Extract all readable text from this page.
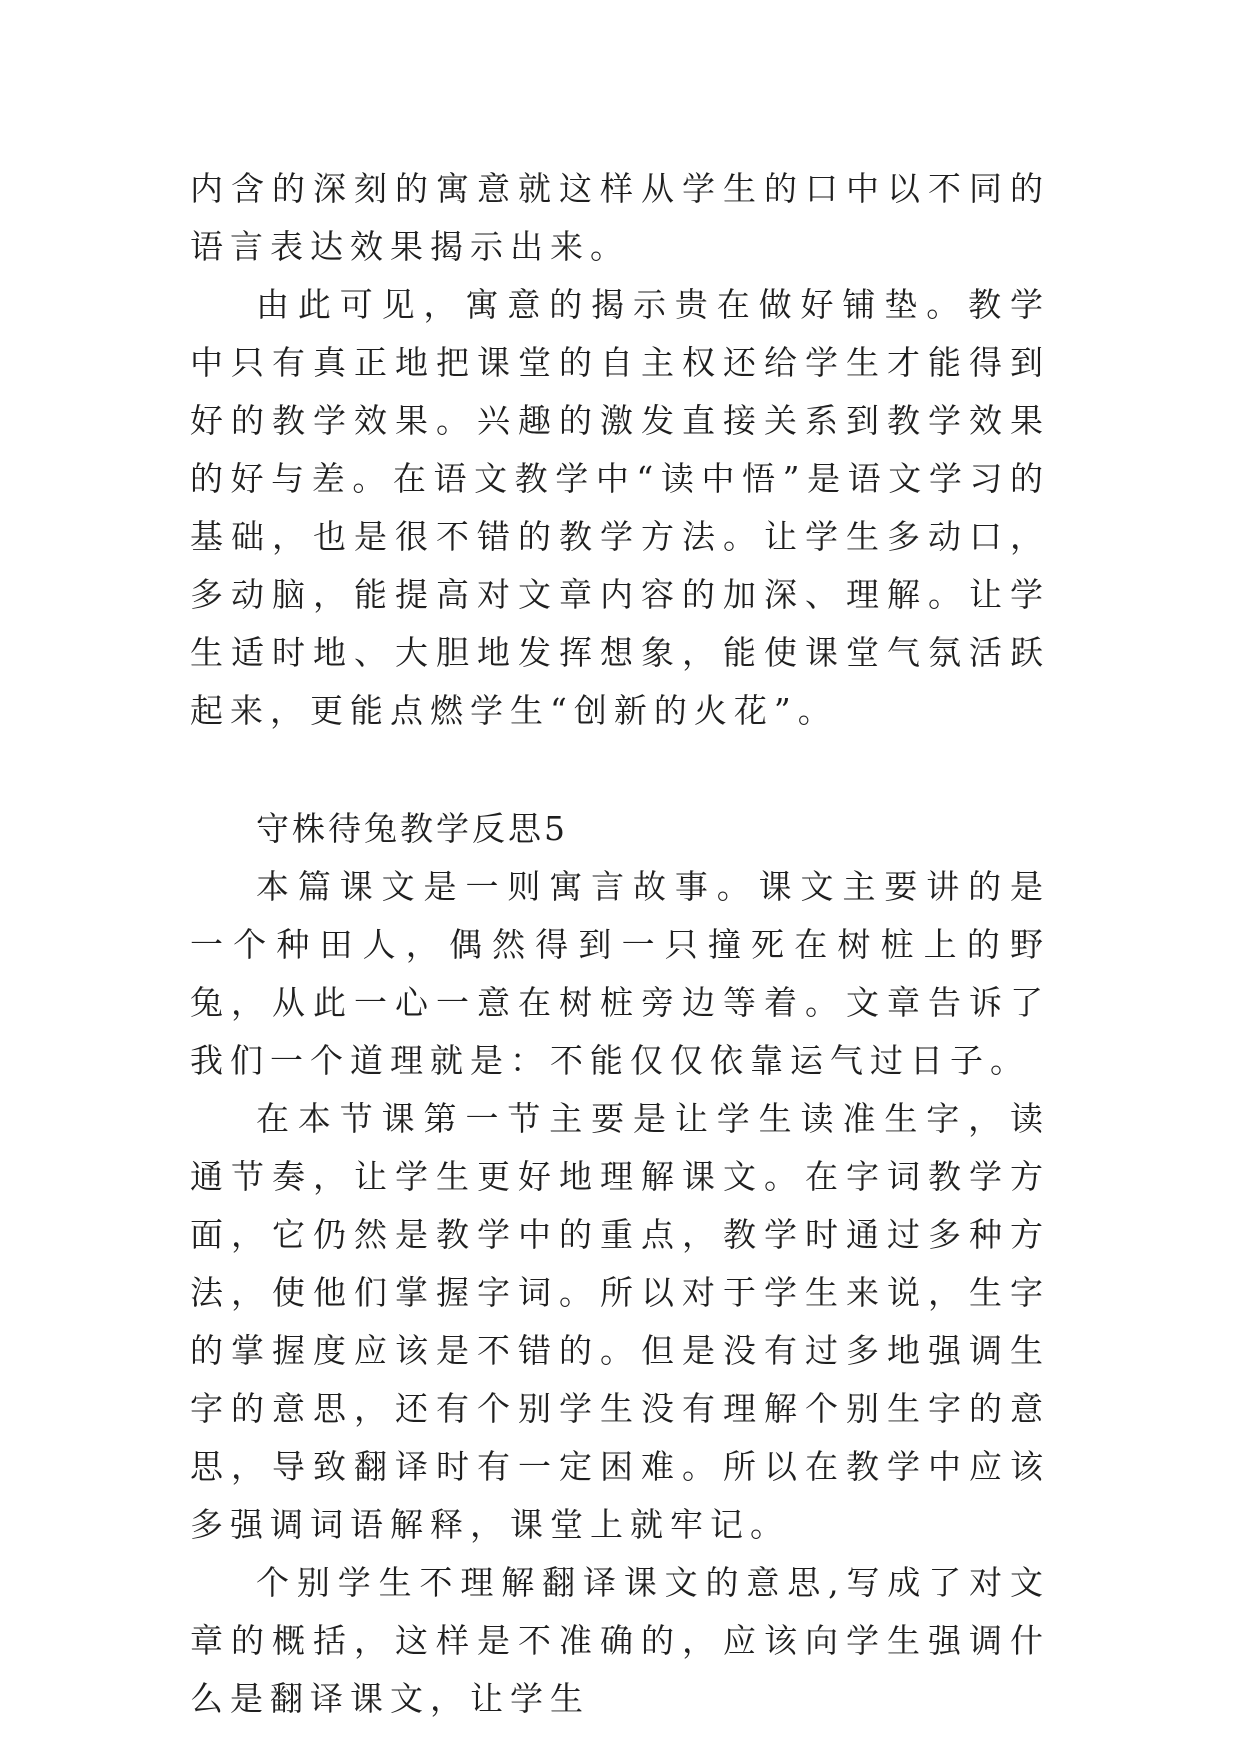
内含的深刻的寓意就这样从学生的口中以不同的语言表达效果揭示出来。

由此可见，寓意的揭示贵在做好铺垫。教学中只有真正地把课堂的自主权还给学生才能得到好的教学效果。兴趣的激发直接关系到教学效果的好与差。在语文教学中“读中悟”是语文学习的基础，也是很不错的教学方法。让学生多动口，多动脑，能提高对文章内容的加深、理解。让学生适时地、大胆地发挥想象，能使课堂气氛活跃起来，更能点燃学生“创新的火花”。

守株待兔教学反思5

本篇课文是一则寓言故事。课文主要讲的是一个种田人，偶然得到一只撞死在树桩上的野兔，从此一心一意在树桩旁边等着。文章告诉了我们一个道理就是：不能仅仅依靠运气过日子。

在本节课第一节主要是让学生读准生字，读通节奏，让学生更好地理解课文。在字词教学方面，它仍然是教学中的重点，教学时通过多种方法，使他们掌握字词。所以对于学生来说，生字的掌握度应该是不错的。但是没有过多地强调生字的意思，还有个别学生没有理解个别生字的意思，导致翻译时有一定困难。所以在教学中应该多强调词语解释，课堂上就牢记。

个别学生不理解翻译课文的意思,写成了对文章的概括，这样是不准确的，应该向学生强调什么是翻译课文，让学生
